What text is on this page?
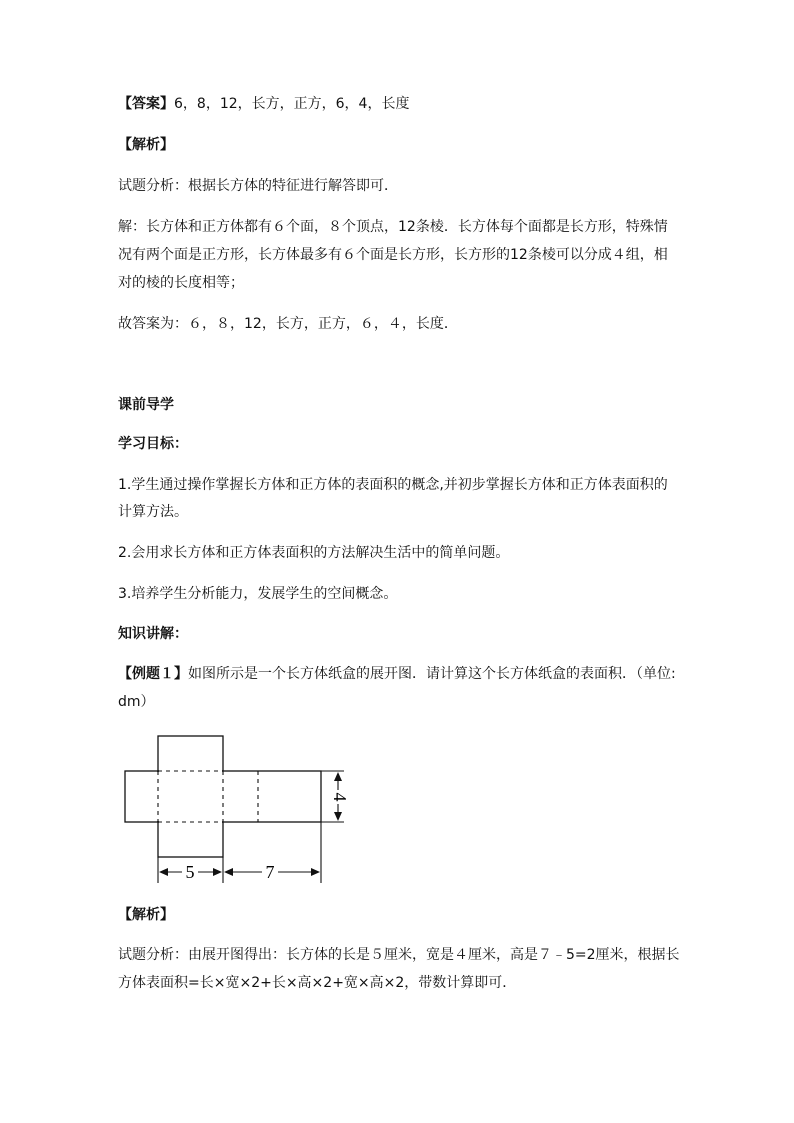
【答案】6，8，12，长方，正方，6，4，长度

【解析】

试题分析：根据长方体的特征进行解答即可．

解：长方体和正方体都有６个面，８个顶点，12条棱．长方体每个面都是长方形，特殊情

况有两个面是正方形，长方体最多有６个面是长方形，长方形的12条棱可以分成４组，相

对的棱的长度相等；

故答案为：６，８，12，长方，正方，６，４，长度．

课前导学

学习目标：

1.学生通过操作掌握长方体和正方体的表面积的概念,并初步掌握长方体和正方体表面积的

计算方法。

2.会用求长方体和正方体表面积的方法解决生活中的简单问题。

3.培养学生分析能力，发展学生的空间概念。

知识讲解：

【例题１】如图所示是一个长方体纸盒的展开图．请计算这个长方体纸盒的表面积．（单位:

dm）

4
5	7

【解析】

试题分析：由展开图得出：长方体的长是５厘米，宽是４厘米，高是７﹣5=2厘米，根据长

方体表面积=长×宽×2+长×高×2+宽×高×2，带数计算即可．
